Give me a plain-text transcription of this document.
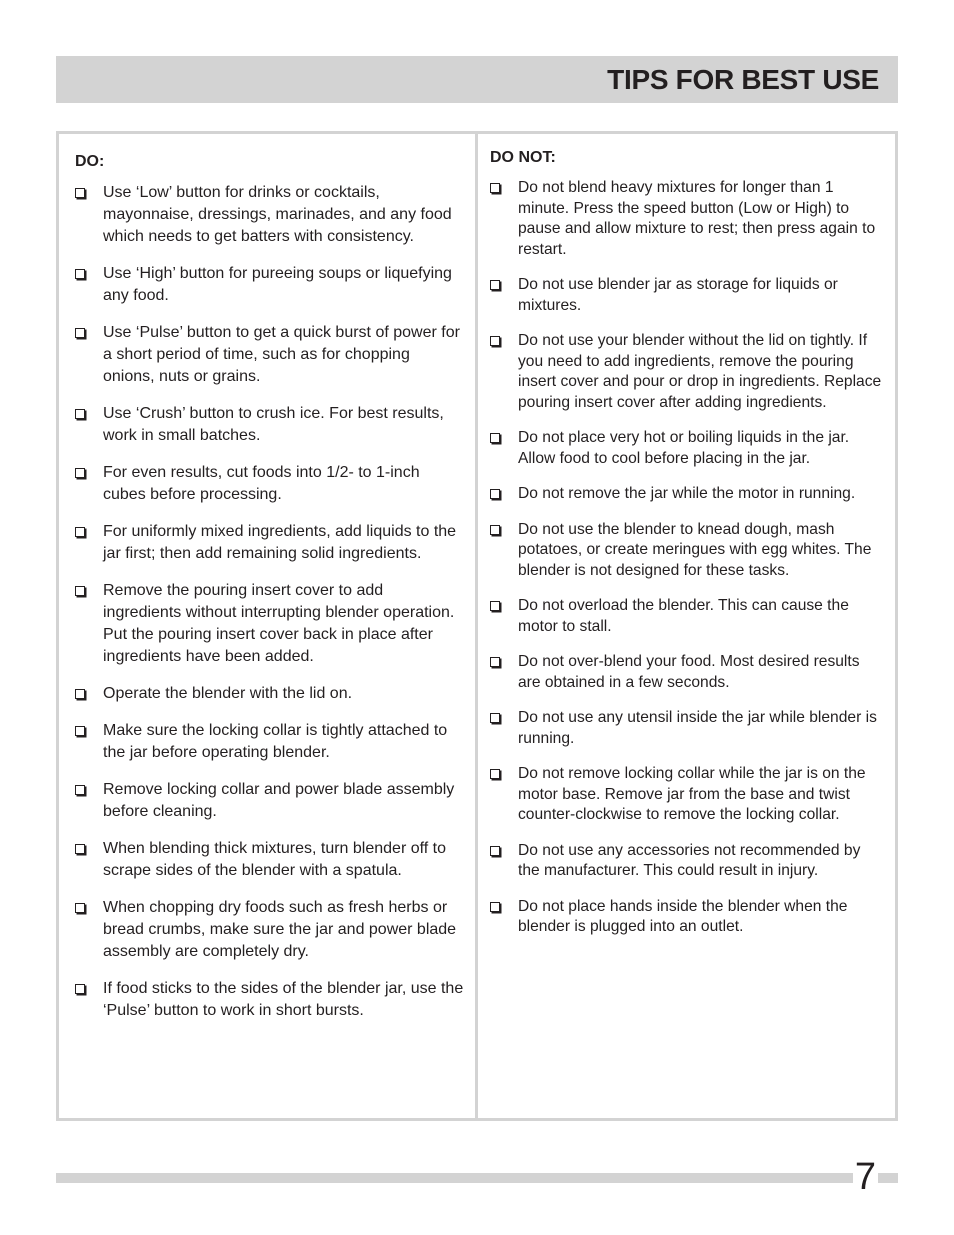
TIPS FOR BEST USE
DO:
Use ‘Low’ button for drinks or cocktails, mayonnaise, dressings, marinades, and any food which needs to get batters with consistency.
Use ‘High’ button for pureeing soups or liquefying any food.
Use ‘Pulse’ button to get a quick burst of power for a short period of time, such as for chopping onions, nuts or grains.
Use ‘Crush’ button to crush ice. For best results, work in small batches.
For even results, cut foods into 1/2- to 1-inch cubes before processing.
For uniformly mixed ingredients, add liquids to the jar first; then add remaining solid ingredients.
Remove the pouring insert cover to add ingredients without interrupting blender operation. Put the pouring insert cover back in place after ingredients have been added.
Operate the blender with the lid on.
Make sure the locking collar is tightly attached to the jar before operating blender.
Remove locking collar and power blade assembly before cleaning.
When blending thick mixtures, turn blender off to scrape sides of the blender with a spatula.
When chopping dry foods such as fresh herbs or bread crumbs, make sure the jar and power blade assembly are completely dry.
If food sticks to the sides of the blender jar, use the ‘Pulse’ button to work in short bursts.
DO NOT:
Do not blend heavy mixtures for longer than 1 minute. Press the speed button (Low or High) to pause and allow mixture to rest; then press again to restart.
Do not use blender jar as storage for liquids or mixtures.
Do not use your blender without the lid on tightly. If you need to add ingredients, remove the pouring insert cover and pour or drop in ingredients. Replace pouring insert cover after adding ingredients.
Do not place very hot or boiling liquids in the jar. Allow food to cool before placing in the jar.
Do not remove the jar while the motor in running.
Do not use the blender to knead dough, mash potatoes, or create meringues with egg whites. The blender is not designed for these tasks.
Do not overload the blender. This can cause the motor to stall.
Do not over-blend your food. Most desired results are obtained in a few seconds.
Do not use any utensil inside the jar while blender is running.
Do not remove locking collar while the jar is on the motor base. Remove jar from the base and twist counter-clockwise to remove the locking collar.
Do not use any accessories not recommended by the manufacturer. This could result in injury.
Do not place hands inside the blender when the blender is plugged into an outlet.
7
